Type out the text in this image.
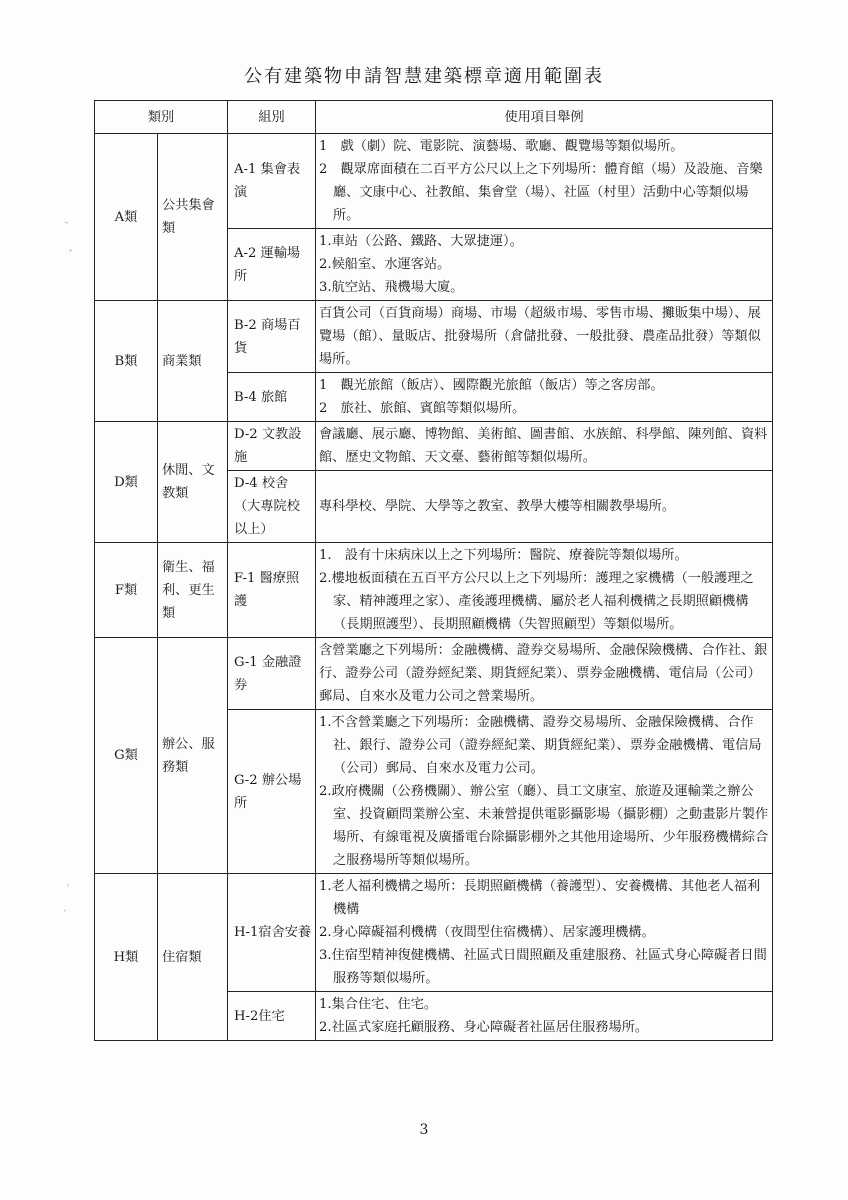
公有建築物申請智慧建築標章適用範圍表
類別		組別	使用項目舉例
A類	公共集會類	A-1 集會表演	1　戲（劇）院、電影院、演藝場、歌廳、觀覽場等類似場所。
2　觀眾席面積在二百平方公尺以上之下列場所：體育館（場）及設施、音樂廳、文康中心、社教館、集會堂（場）、社區（村里）活動中心等類似場所。

		A-2 運輸場所	1.車站（公路、鐵路、大眾捷運）。
2.候船室、水運客站。
3.航空站、飛機場大廈。

B類	商業類	B-2 商場百貨	百貨公司（百貨商場）商場、市場（超級市場、零售市場、攤販集中場）、展覽場（館）、量販店、批發場所（倉儲批發、一般批發、農產品批發）等類似場所。

		B-4 旅館	1　觀光旅館（飯店）、國際觀光旅館（飯店）等之客房部。
2　旅社、旅館、賓館等類似場所。

D類	休閒、文教類	D-2 文教設施	會議廳、展示廳、博物館、美術館、圖書館、水族館、科學館、陳列館、資料館、歷史文物館、天文臺、藝術館等類似場所。

		D-4 校舍（大專院校以上）	專科學校、學院、大學等之教室、教學大樓等相關教學場所。

F類	衛生、福利、更生類	F-1 醫療照護	1.　設有十床病床以上之下列場所：醫院、療養院等類似場所。
2.樓地板面積在五百平方公尺以上之下列場所：護理之家機構（一般護理之家、精神護理之家）、產後護理機構、屬於老人福利機構之長期照顧機構（長期照護型）、長期照顧機構（失智照顧型）等類似場所。

G類	辦公、服務類	G-1 金融證券	含營業廳之下列場所：金融機構、證券交易場所、金融保險機構、合作社、銀行、證券公司（證券經紀業、期貨經紀業）、票券金融機構、電信局（公司）郵局、自來水及電力公司之營業場所。

		G-2 辦公場所	1.不含營業廳之下列場所：金融機構、證券交易場所、金融保險機構、合作社、銀行、證券公司（證券經紀業、期貨經紀業）、票券金融機構、電信局（公司）郵局、自來水及電力公司。
2.政府機關（公務機關）、辦公室（廳）、員工文康室、旅遊及運輸業之辦公室、投資顧問業辦公室、未兼營提供電影攝影場（攝影棚）之動畫影片製作場所、有線電視及廣播電台除攝影棚外之其他用途場所、少年服務機構綜合之服務場所等類似場所。

H類	住宿類	H-1宿舍安養	1.老人福利機構之場所：長期照顧機構（養護型）、安養機構、其他老人福利機構
2.身心障礙福利機構（夜間型住宿機構）、居家護理機構。
3.住宿型精神復健機構、社區式日間照顧及重建服務、社區式身心障礙者日間服務等類似場所。

		H-2住宅	1.集合住宅、住宅。
2.社區式家庭托顧服務、身心障礙者社區居住服務場所。
3
ˉ
ˇ
ˋ
ˊ
